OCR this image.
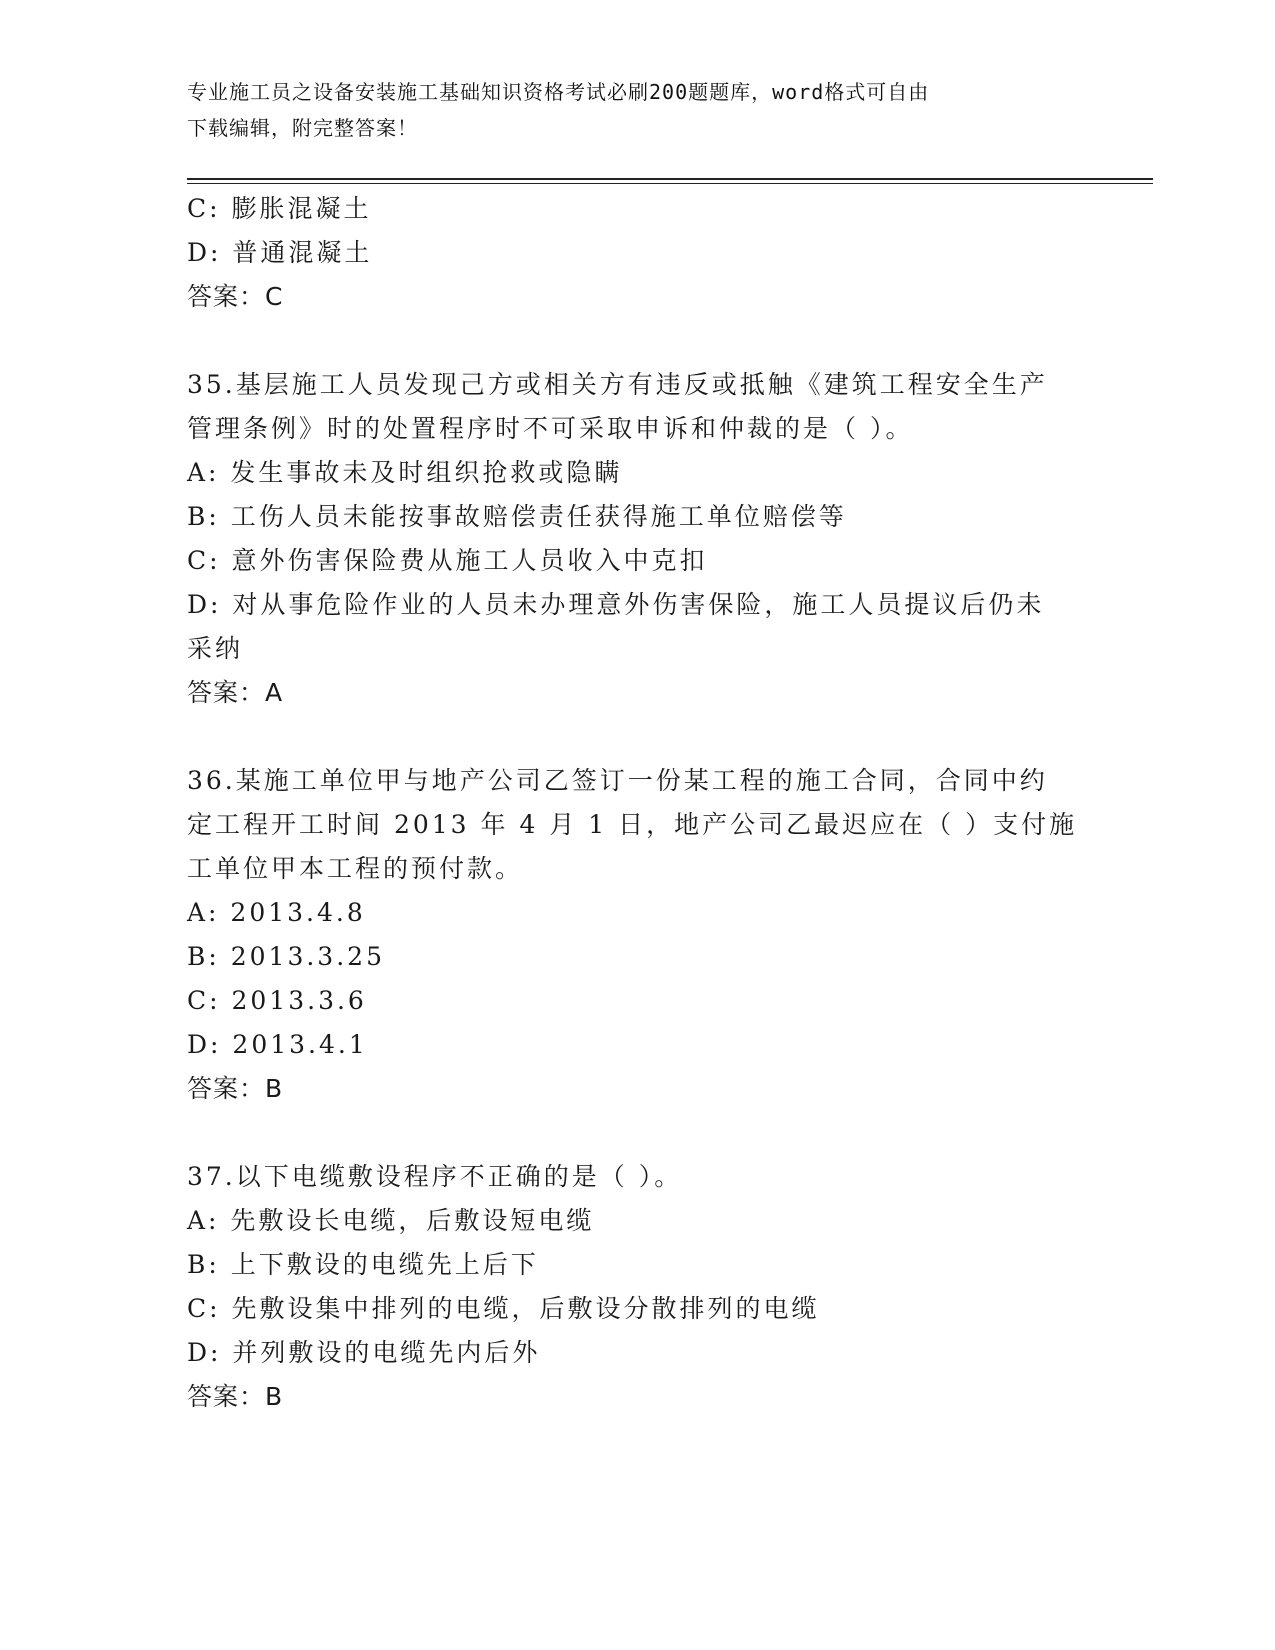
专业施工员之设备安装施工基础知识资格考试必刷200题题库，word格式可自由
下载编辑，附完整答案！
C: 膨胀混凝土
D: 普通混凝土
答案：C
35.基层施工人员发现己方或相关方有违反或抵触《建筑工程安全生产
管理条例》时的处置程序时不可采取申诉和仲裁的是（ ）。
A: 发生事故未及时组织抢救或隐瞒
B: 工伤人员未能按事故赔偿责任获得施工单位赔偿等
C: 意外伤害保险费从施工人员收入中克扣
D: 对从事危险作业的人员未办理意外伤害保险，施工人员提议后仍未
采纳
答案：A
36.某施工单位甲与地产公司乙签订一份某工程的施工合同，合同中约
定工程开工时间 2013 年 4 月 1 日，地产公司乙最迟应在（ ）支付施
工单位甲本工程的预付款。
A: 2013.4.8
B: 2013.3.25
C: 2013.3.6
D: 2013.4.1
答案：B
37.以下电缆敷设程序不正确的是（ ）。
A: 先敷设长电缆，后敷设短电缆
B: 上下敷设的电缆先上后下
C: 先敷设集中排列的电缆，后敷设分散排列的电缆
D: 并列敷设的电缆先内后外
答案：B
